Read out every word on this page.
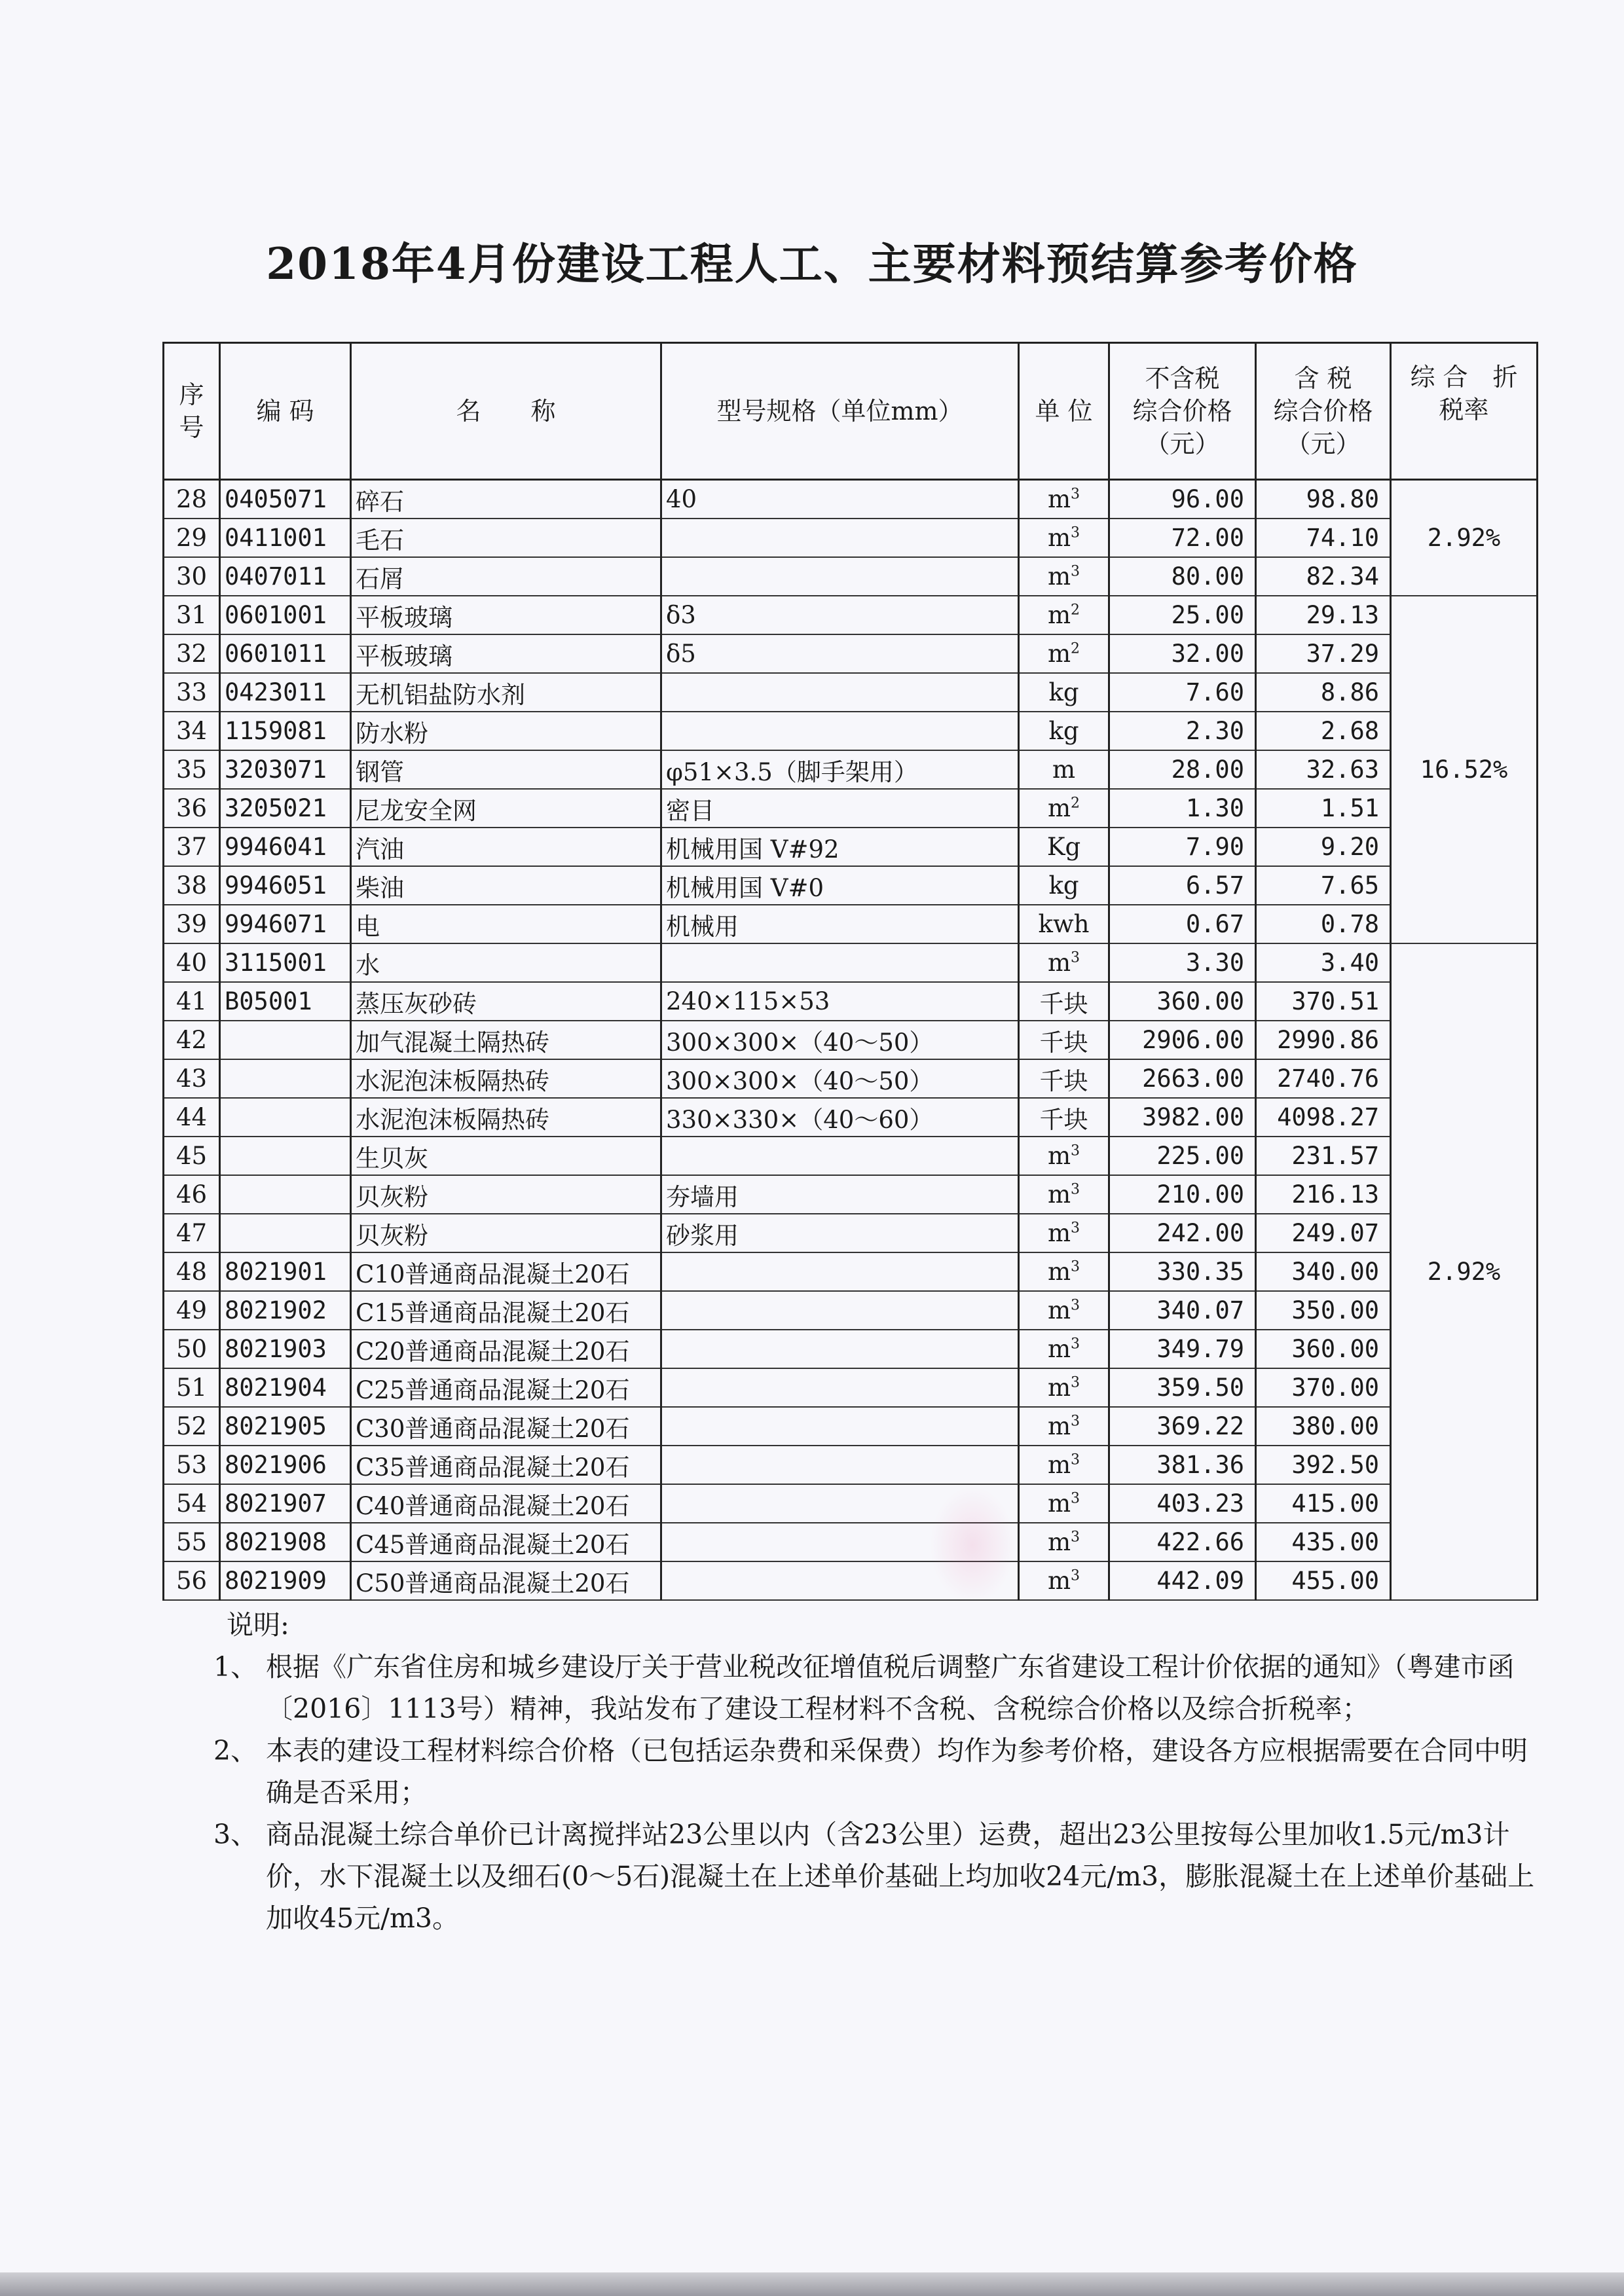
2018年4月份建设工程人工、主要材料预结算参考价格
序
号	编 码	名　　称	型号规格（单位mm）	单 位	不含税
综合价格
（元）	含 税
综合价格
（元）	综 合　折
税率
28	0405071	碎石	40	$m^3$	96.00	98.80	2.92%
29	0411001	毛石		$m^3$	72.00	74.10	
30	0407011	石屑		$m^3$	80.00	82.34	
31	0601001	平板玻璃	δ3	$m^2$	25.00	29.13	16.52%
32	0601011	平板玻璃	δ5	$m^2$	32.00	37.29	
33	0423011	无机铝盐防水剂		kg	7.60	8.86	
34	1159081	防水粉		kg	2.30	2.68	
35	3203071	钢管	φ51×3.5（脚手架用）	m	28.00	32.63	
36	3205021	尼龙安全网	密目	$m^2$	1.30	1.51	
37	9946041	汽油	机械用国 V#92	Kg	7.90	9.20	
38	9946051	柴油	机械用国 V#0	kg	6.57	7.65	
39	9946071	电	机械用	kwh	0.67	0.78	
40	3115001	水		$m^3$	3.30	3.40	2.92%
41	B05001	蒸压灰砂砖	240×115×53	千块	360.00	370.51	
42		加气混凝土隔热砖	300×300×（40～50）	千块	2906.00	2990.86	
43		水泥泡沫板隔热砖	300×300×（40～50）	千块	2663.00	2740.76	
44		水泥泡沫板隔热砖	330×330×（40～60）	千块	3982.00	4098.27	
45		生贝灰		$m^3$	225.00	231.57	
46		贝灰粉	夯墙用	$m^3$	210.00	216.13	
47		贝灰粉	砂浆用	$m^3$	242.00	249.07	
48	8021901	C10普通商品混凝土20石		$m^3$	330.35	340.00	
49	8021902	C15普通商品混凝土20石		$m^3$	340.07	350.00	
50	8021903	C20普通商品混凝土20石		$m^3$	349.79	360.00	
51	8021904	C25普通商品混凝土20石		$m^3$	359.50	370.00	
52	8021905	C30普通商品混凝土20石		$m^3$	369.22	380.00	
53	8021906	C35普通商品混凝土20石		$m^3$	381.36	392.50	
54	8021907	C40普通商品混凝土20石		$m^3$	403.23	415.00	
55	8021908	C45普通商品混凝土20石		$m^3$	422.66	435.00	
56	8021909	C50普通商品混凝土20石		$m^3$	442.09	455.00	
说明:
1、 根据《广东省住房和城乡建设厅关于营业税改征增值税后调整广东省建设工程计价依据的通知》（粤建市函〔2016〕1113号）精神，我站发布了建设工程材料不含税、含税综合价格以及综合折税率；
2、 本表的建设工程材料综合价格（已包括运杂费和采保费）均作为参考价格，建设各方应根据需要在合同中明确是否采用；
3、 商品混凝土综合单价已计离搅拌站23公里以内（含23公里）运费，超出23公里按每公里加收1.5元/m3计价，水下混凝土以及细石(0～5石)混凝土在上述单价基础上均加收24元/m3，膨胀混凝土在上述单价基础上加收45元/m3。
